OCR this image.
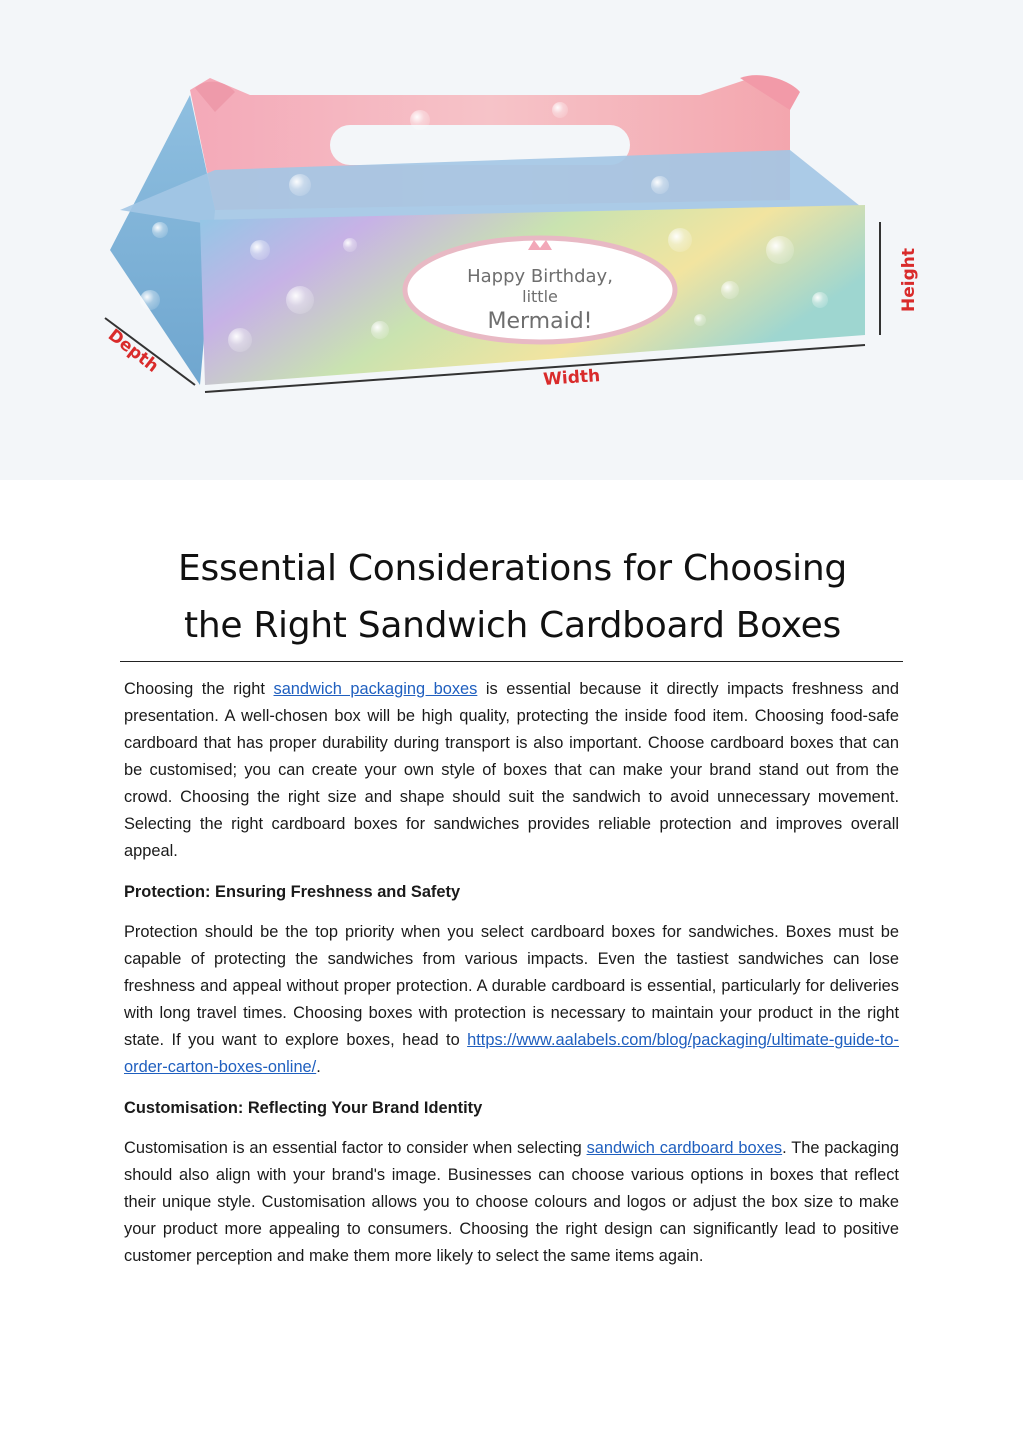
Happy Birthday,
little
Mermaid!
Depth
Width
Height
Essential Considerations for Choosing
the Right Sandwich Cardboard Boxes

Choosing the right sandwich packaging boxes is essential because it directly impacts freshness and presentation. A well-chosen box will be high quality, protecting the inside food item. Choosing food-safe cardboard that has proper durability during transport is also important. Choose cardboard boxes that can be customised; you can create your own style of boxes that can make your brand stand out from the crowd. Choosing the right size and shape should suit the sandwich to avoid unnecessary movement. Selecting the right cardboard boxes for sandwiches provides reliable protection and improves overall appeal.

Protection: Ensuring Freshness and Safety

Protection should be the top priority when you select cardboard boxes for sandwiches. Boxes must be capable of protecting the sandwiches from various impacts. Even the tastiest sandwiches can lose freshness and appeal without proper protection. A durable cardboard is essential, particularly for deliveries with long travel times. Choosing boxes with protection is necessary to maintain your product in the right state. If you want to explore boxes, head to https://www.aalabels.com/blog/packaging/ultimate-guide-to-order-carton-boxes-online/.

Customisation: Reflecting Your Brand Identity

Customisation is an essential factor to consider when selecting sandwich cardboard boxes. The packaging should also align with your brand's image. Businesses can choose various options in boxes that reflect their unique style. Customisation allows you to choose colours and logos or adjust the box size to make your product more appealing to consumers. Choosing the right design can significantly lead to positive customer perception and make them more likely to select the same items again.
